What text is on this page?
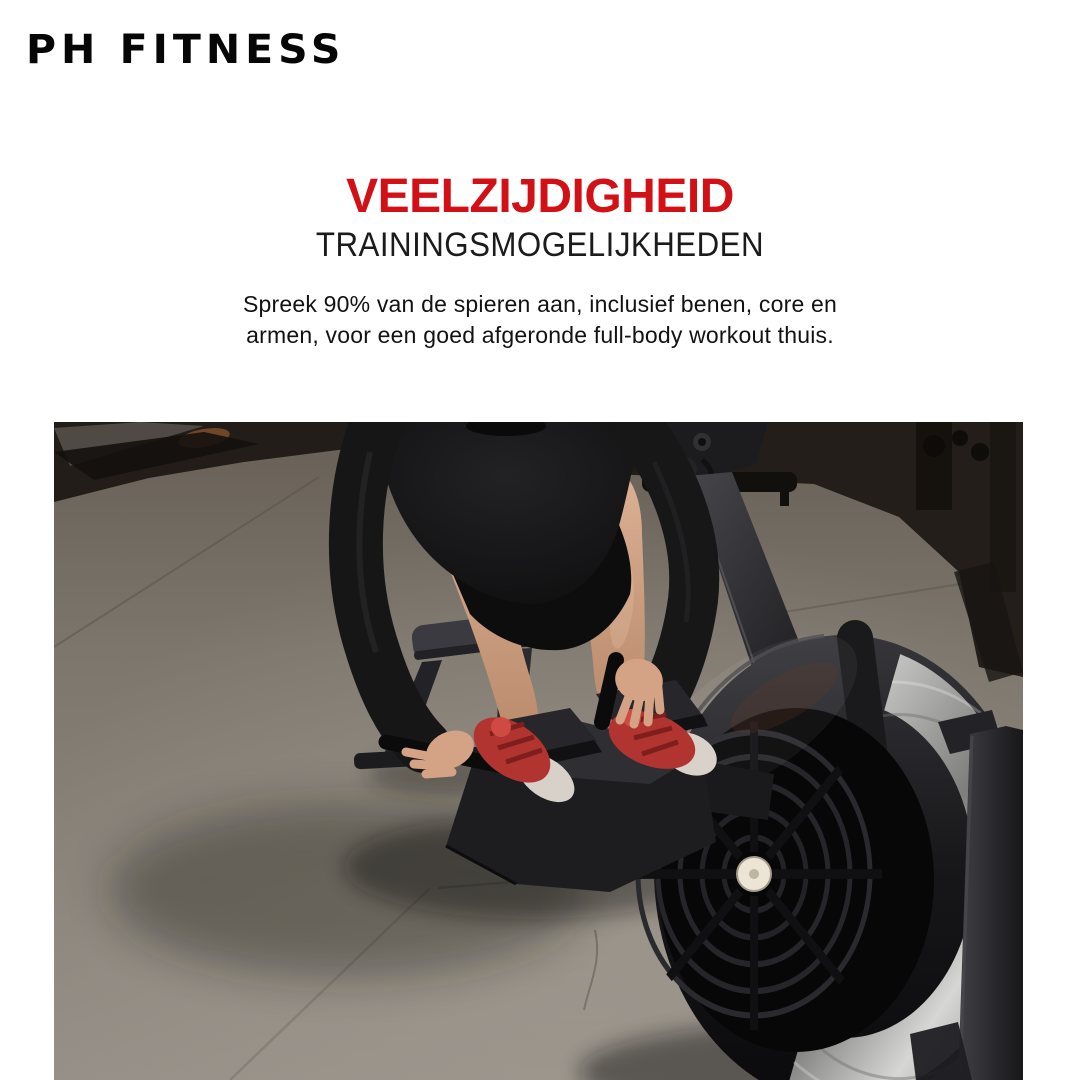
PH FITNESS
VEELZIJDIGHEID
TRAININGSMOGELIJKHEDEN

Spreek 90% van de spieren aan, inclusief benen, core en
armen, voor een goed afgeronde full-body workout thuis.
